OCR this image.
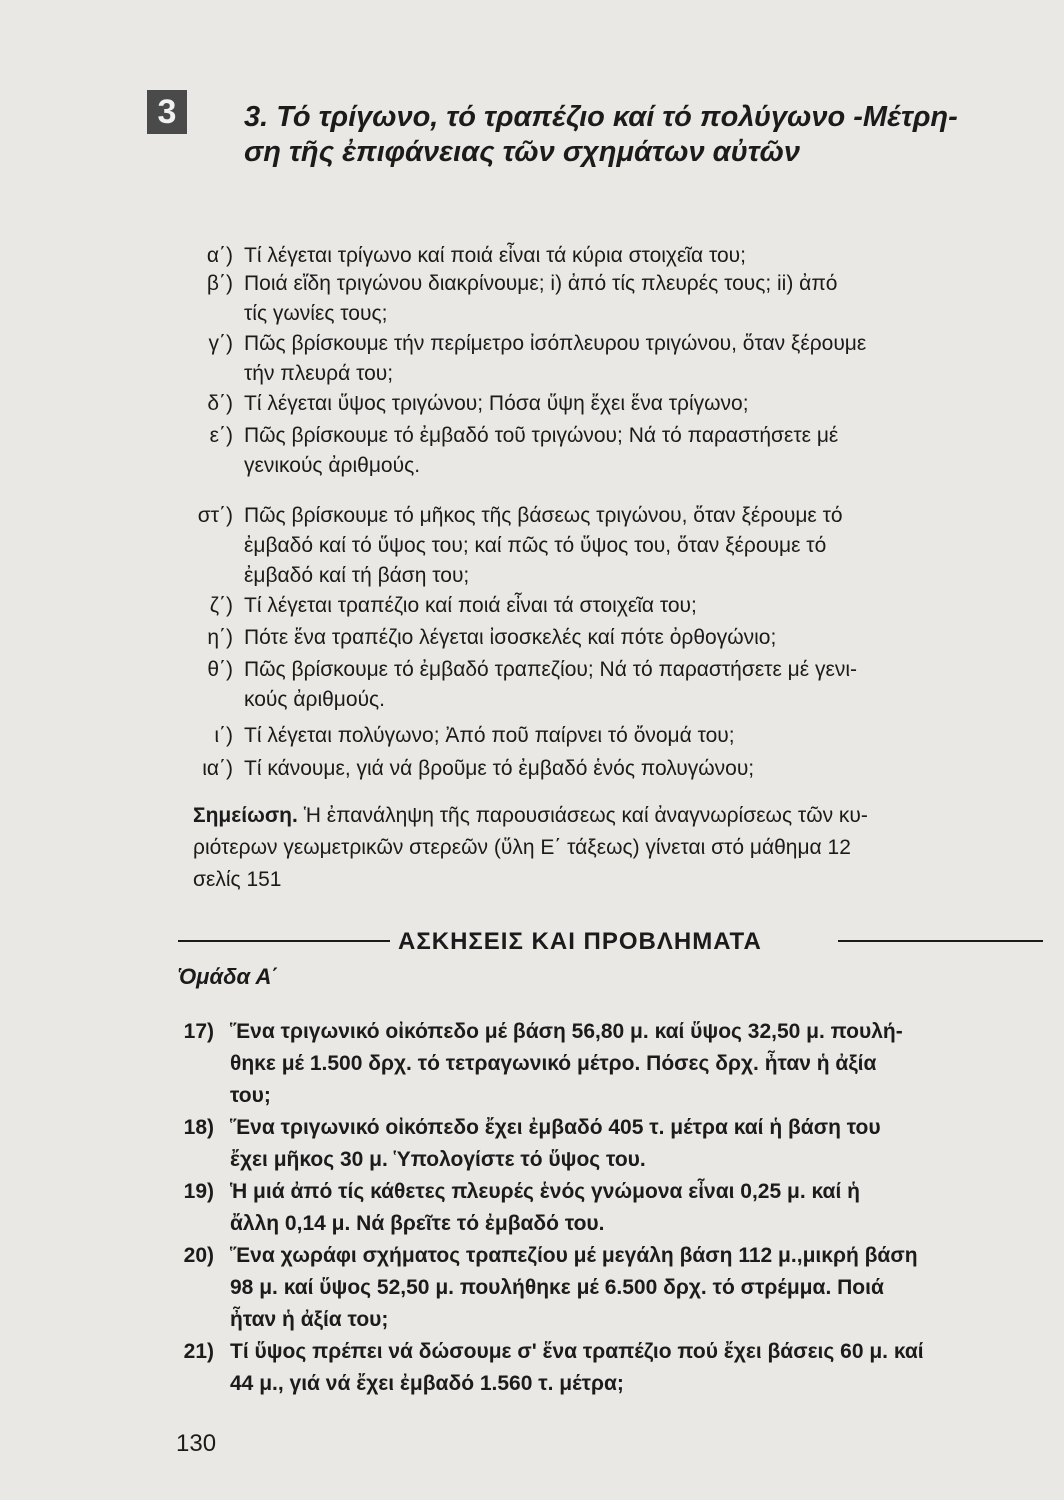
3	3. Τό τρίγωνο, τό τραπέζιο καί τό πολύγωνο -Μέτρη-
ση τῆς ἐπιφάνειας τῶν σχημάτων αὐτῶν
α΄) Τί λέγεται τρίγωνο καί ποιά εἶναι τά κύρια στοιχεῖα του;
β΄) Ποιά εἴδη τριγώνου διακρίνουμε; i) ἀπό τίς πλευρές τους; ii) ἀπό
τίς γωνίες τους;
γ΄) Πῶς βρίσκουμε τήν περίμετρο ἰσόπλευρου τριγώνου, ὅταν ξέρουμε
τήν πλευρά του;
δ΄) Τί λέγεται ὕψος τριγώνου; Πόσα ὕψη ἔχει ἕνα τρίγωνο;
ε΄) Πῶς βρίσκουμε τό ἐμβαδό τοῦ τριγώνου; Νά τό παραστήσετε μέ
γενικούς ἀριθμούς.
στ΄) Πῶς βρίσκουμε τό μῆκος τῆς βάσεως τριγώνου, ὅταν ξέρουμε τό
ἐμβαδό καί τό ὕψος του; καί πῶς τό ὕψος του, ὅταν ξέρουμε τό
ἐμβαδό καί τή βάση του;
ζ΄) Τί λέγεται τραπέζιο καί ποιά εἶναι τά στοιχεῖα του;
η΄) Πότε ἕνα τραπέζιο λέγεται ἰσοσκελές καί πότε ὀρθογώνιο;
θ΄) Πῶς βρίσκουμε τό ἐμβαδό τραπεζίου; Νά τό παραστήσετε μέ γενι-
κούς ἀριθμούς.
ι΄) Τί λέγεται πολύγωνο; Ἀπό ποῦ παίρνει τό ὄνομά του;
ια΄) Τί κάνουμε, γιά νά βροῦμε τό ἐμβαδό ἑνός πολυγώνου;
Σημείωση. Ἡ ἐπανάληψη τῆς παρουσιάσεως καί ἀναγνωρίσεως τῶν κυ-
ριότερων γεωμετρικῶν στερεῶν (ὕλη Ε΄ τάξεως) γίνεται στό μάθημα 12
σελίς 151
ΑΣΚΗΣΕΙΣ ΚΑΙ ΠΡΟΒΛΗΜΑΤΑ
Ὁμάδα Α΄
17) Ἕνα τριγωνικό οἰκόπεδο μέ βάση 56,80 μ. καί ὕψος 32,50 μ. πουλή-
θηκε μέ 1.500 δρχ. τό τετραγωνικό μέτρο. Πόσες δρχ. ἦταν ἡ ἀξία
του;
18) Ἕνα τριγωνικό οἰκόπεδο ἔχει ἐμβαδό 405 τ. μέτρα καί ἡ βάση του
ἔχει μῆκος 30 μ. Ὑπολογίστε τό ὕψος του.
19) Ἡ μιά ἀπό τίς κάθετες πλευρές ἑνός γνώμονα εἶναι 0,25 μ. καί ἡ
ἄλλη 0,14 μ. Νά βρεῖτε τό ἐμβαδό του.
20) Ἕνα χωράφι σχήματος τραπεζίου μέ μεγάλη βάση 112 μ.,μικρή βάση
98 μ. καί ὕψος 52,50 μ. πουλήθηκε μέ 6.500 δρχ. τό στρέμμα. Ποιά
ἦταν ἡ ἀξία του;
21) Τί ὕψος πρέπει νά δώσουμε σ' ἕνα τραπέζιο πού ἔχει βάσεις 60 μ. καί
44 μ., γιά νά ἔχει ἐμβαδό 1.560 τ. μέτρα;
130
